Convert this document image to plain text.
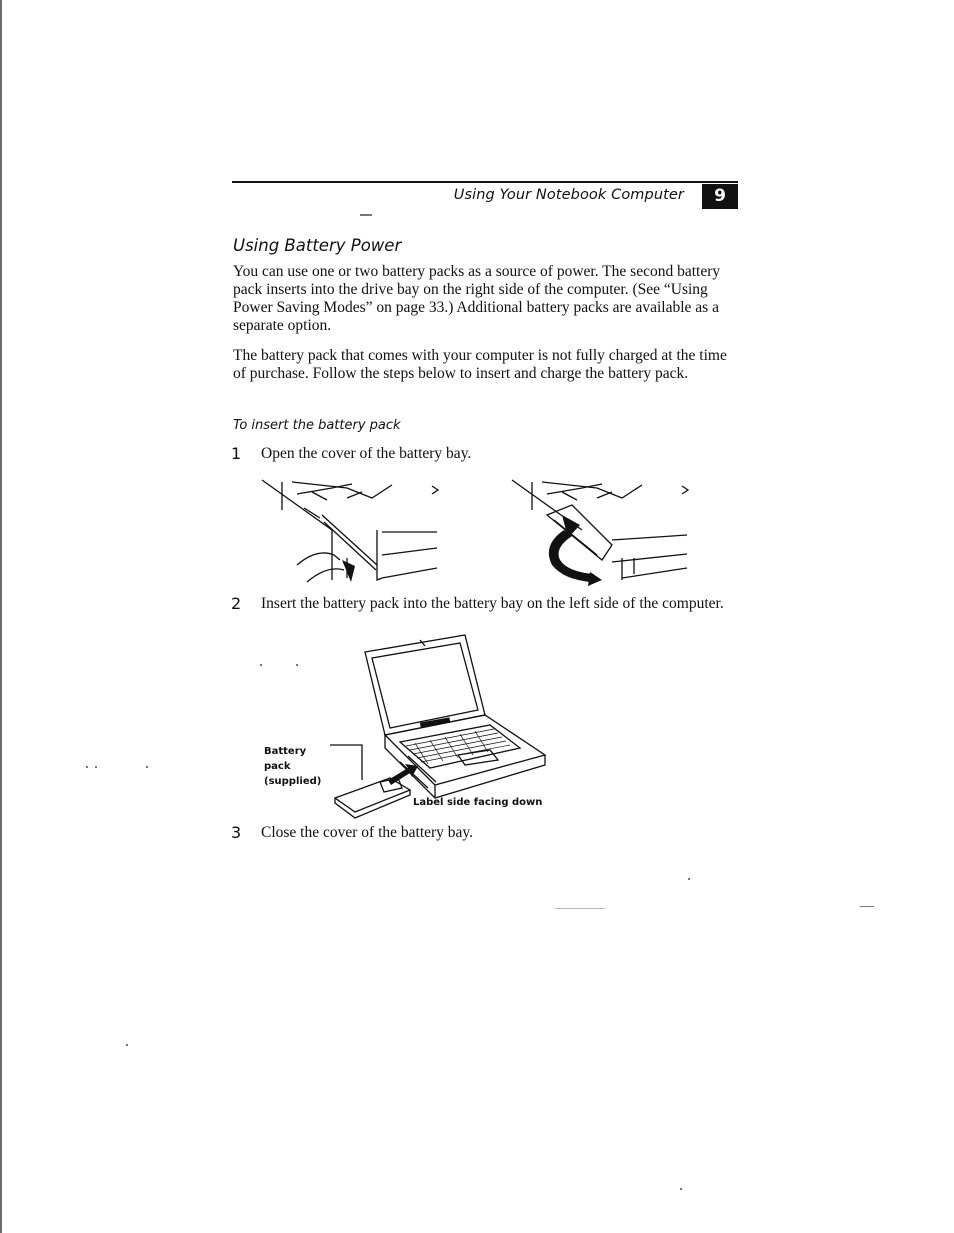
Using Your Notebook Computer	9
Using Battery Power

You can use one or two battery packs as a source of power. The second battery pack inserts into the drive bay on the right side of the computer. (See “Using Power Saving Modes” on page 33.) Additional battery packs are available as a separate option.

The battery pack that comes with your computer is not fully charged at the time of purchase. Follow the steps below to insert and charge the battery pack.

To insert the battery pack
1	Open the cover of the battery bay.
2	Insert the battery pack into the battery bay on the left side of the computer.
Battery pack (supplied)
Label side facing down
3	Close the cover of the battery bay.
